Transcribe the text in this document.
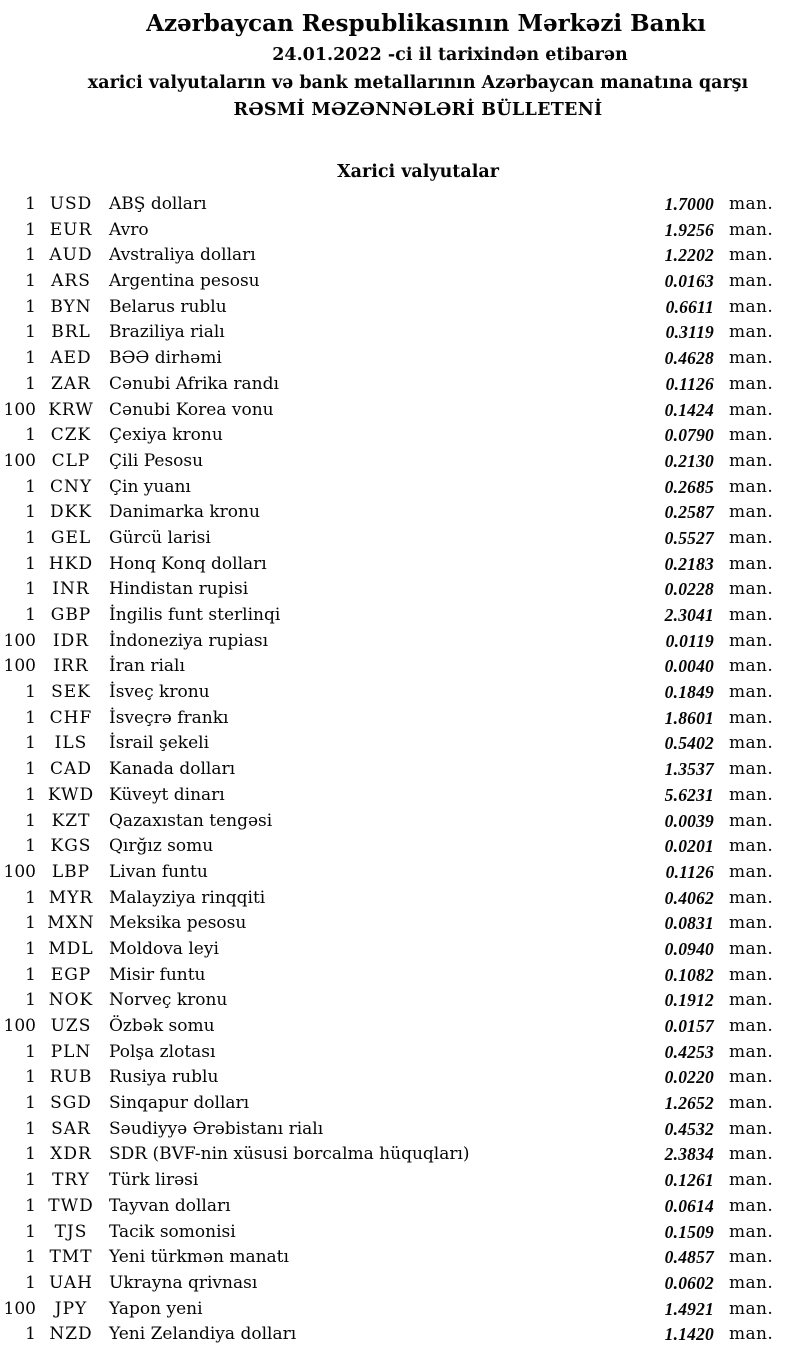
Azərbaycan Respublikasının Mərkəzi Bankı
24.01.2022 -ci il tarixindən etibarən
xarici valyutaların və bank metallarının Azərbaycan manatına qarşı
RƏSMİ MƏZƏNNƏLƏRİ BÜLLETENİ
Xarici valyutalar
1 USD ABŞ dolları	1.7000 man.
1 EUR Avro	1.9256 man.
1 AUD Avstraliya dolları	1.2202 man.
1 ARS	Argentina pesosu	0.0163 man.
1 BYN	Belarus rublu	0.6611 man.
1 BRL	Braziliya rialı	0.3119 man.
1 AED	BƏƏ dirhəmi	0.4628 man.
1 ZAR	Cənubi Afrika randı	0.1126 man.
100 KRW Cənubi Korea vonu	0.1424 man.
1 CZK	Çexiya kronu	0.0790 man.
100 CLP	Çili Pesosu	0.2130 man.
1 CNY Çin yuanı	0.2685 man.
1 DKK Danimarka kronu	0.2587 man.
1 GEL	Gürcü larisi	0.5527 man.
1 HKD Honq Konq dolları	0.2183 man.
1 INR	Hindistan rupisi	0.0228 man.
1 GBP	İngilis funt sterlinqi	2.3041 man.
100 IDR	İndoneziya rupiası	0.0119 man.
100	IRR	İran rialı	0.0040 man.
1 SEK	İsveç kronu	0.1849 man.
1 CHF İsveçrə frankı	1.8601 man.
1	ILS	İsrail şekeli	0.5402 man.
1 CAD	Kanada dolları	1.3537 man.
1 KWD Küveyt dinarı	5.6231 man.
1 KZT	Qazaxıstan tengəsi	0.0039 man.
1 KGS	Qırğız somu	0.0201 man.
100 LBP	Livan funtu	0.1126 man.
1 MYR Malayziya rinqqiti	0.4062 man.
1 MXN Meksika pesosu	0.0831 man.
1 MDL Moldova leyi	0.0940 man.
1 EGP	Misir funtu	0.1082 man.
1 NOK Norveç kronu	0.1912 man.
100 UZS	Özbək somu	0.0157 man.
1 PLN	Polşa zlotası	0.4253 man.
1 RUB Rusiya rublu	0.0220 man.
1 SGD	Sinqapur dolları	1.2652 man.
1 SAR	Səudiyyə Ərəbistanı rialı	0.4532 man.
1 XDR	SDR (BVF-nin xüsusi borcalma hüquqları)	2.3834 man.
1 TRY	Türk lirəsi	0.1261 man.
1 TWD Tayvan dolları	0.0614 man.
1	TJS	Tacik somonisi	0.1509 man.
1 TMT Yeni türkmən manatı	0.4857 man.
1 UAH Ukrayna qrivnası	0.0602 man.
100	JPY	Yapon yeni	1.4921 man.
1 NZD Yeni Zelandiya dolları	1.1420 man.
